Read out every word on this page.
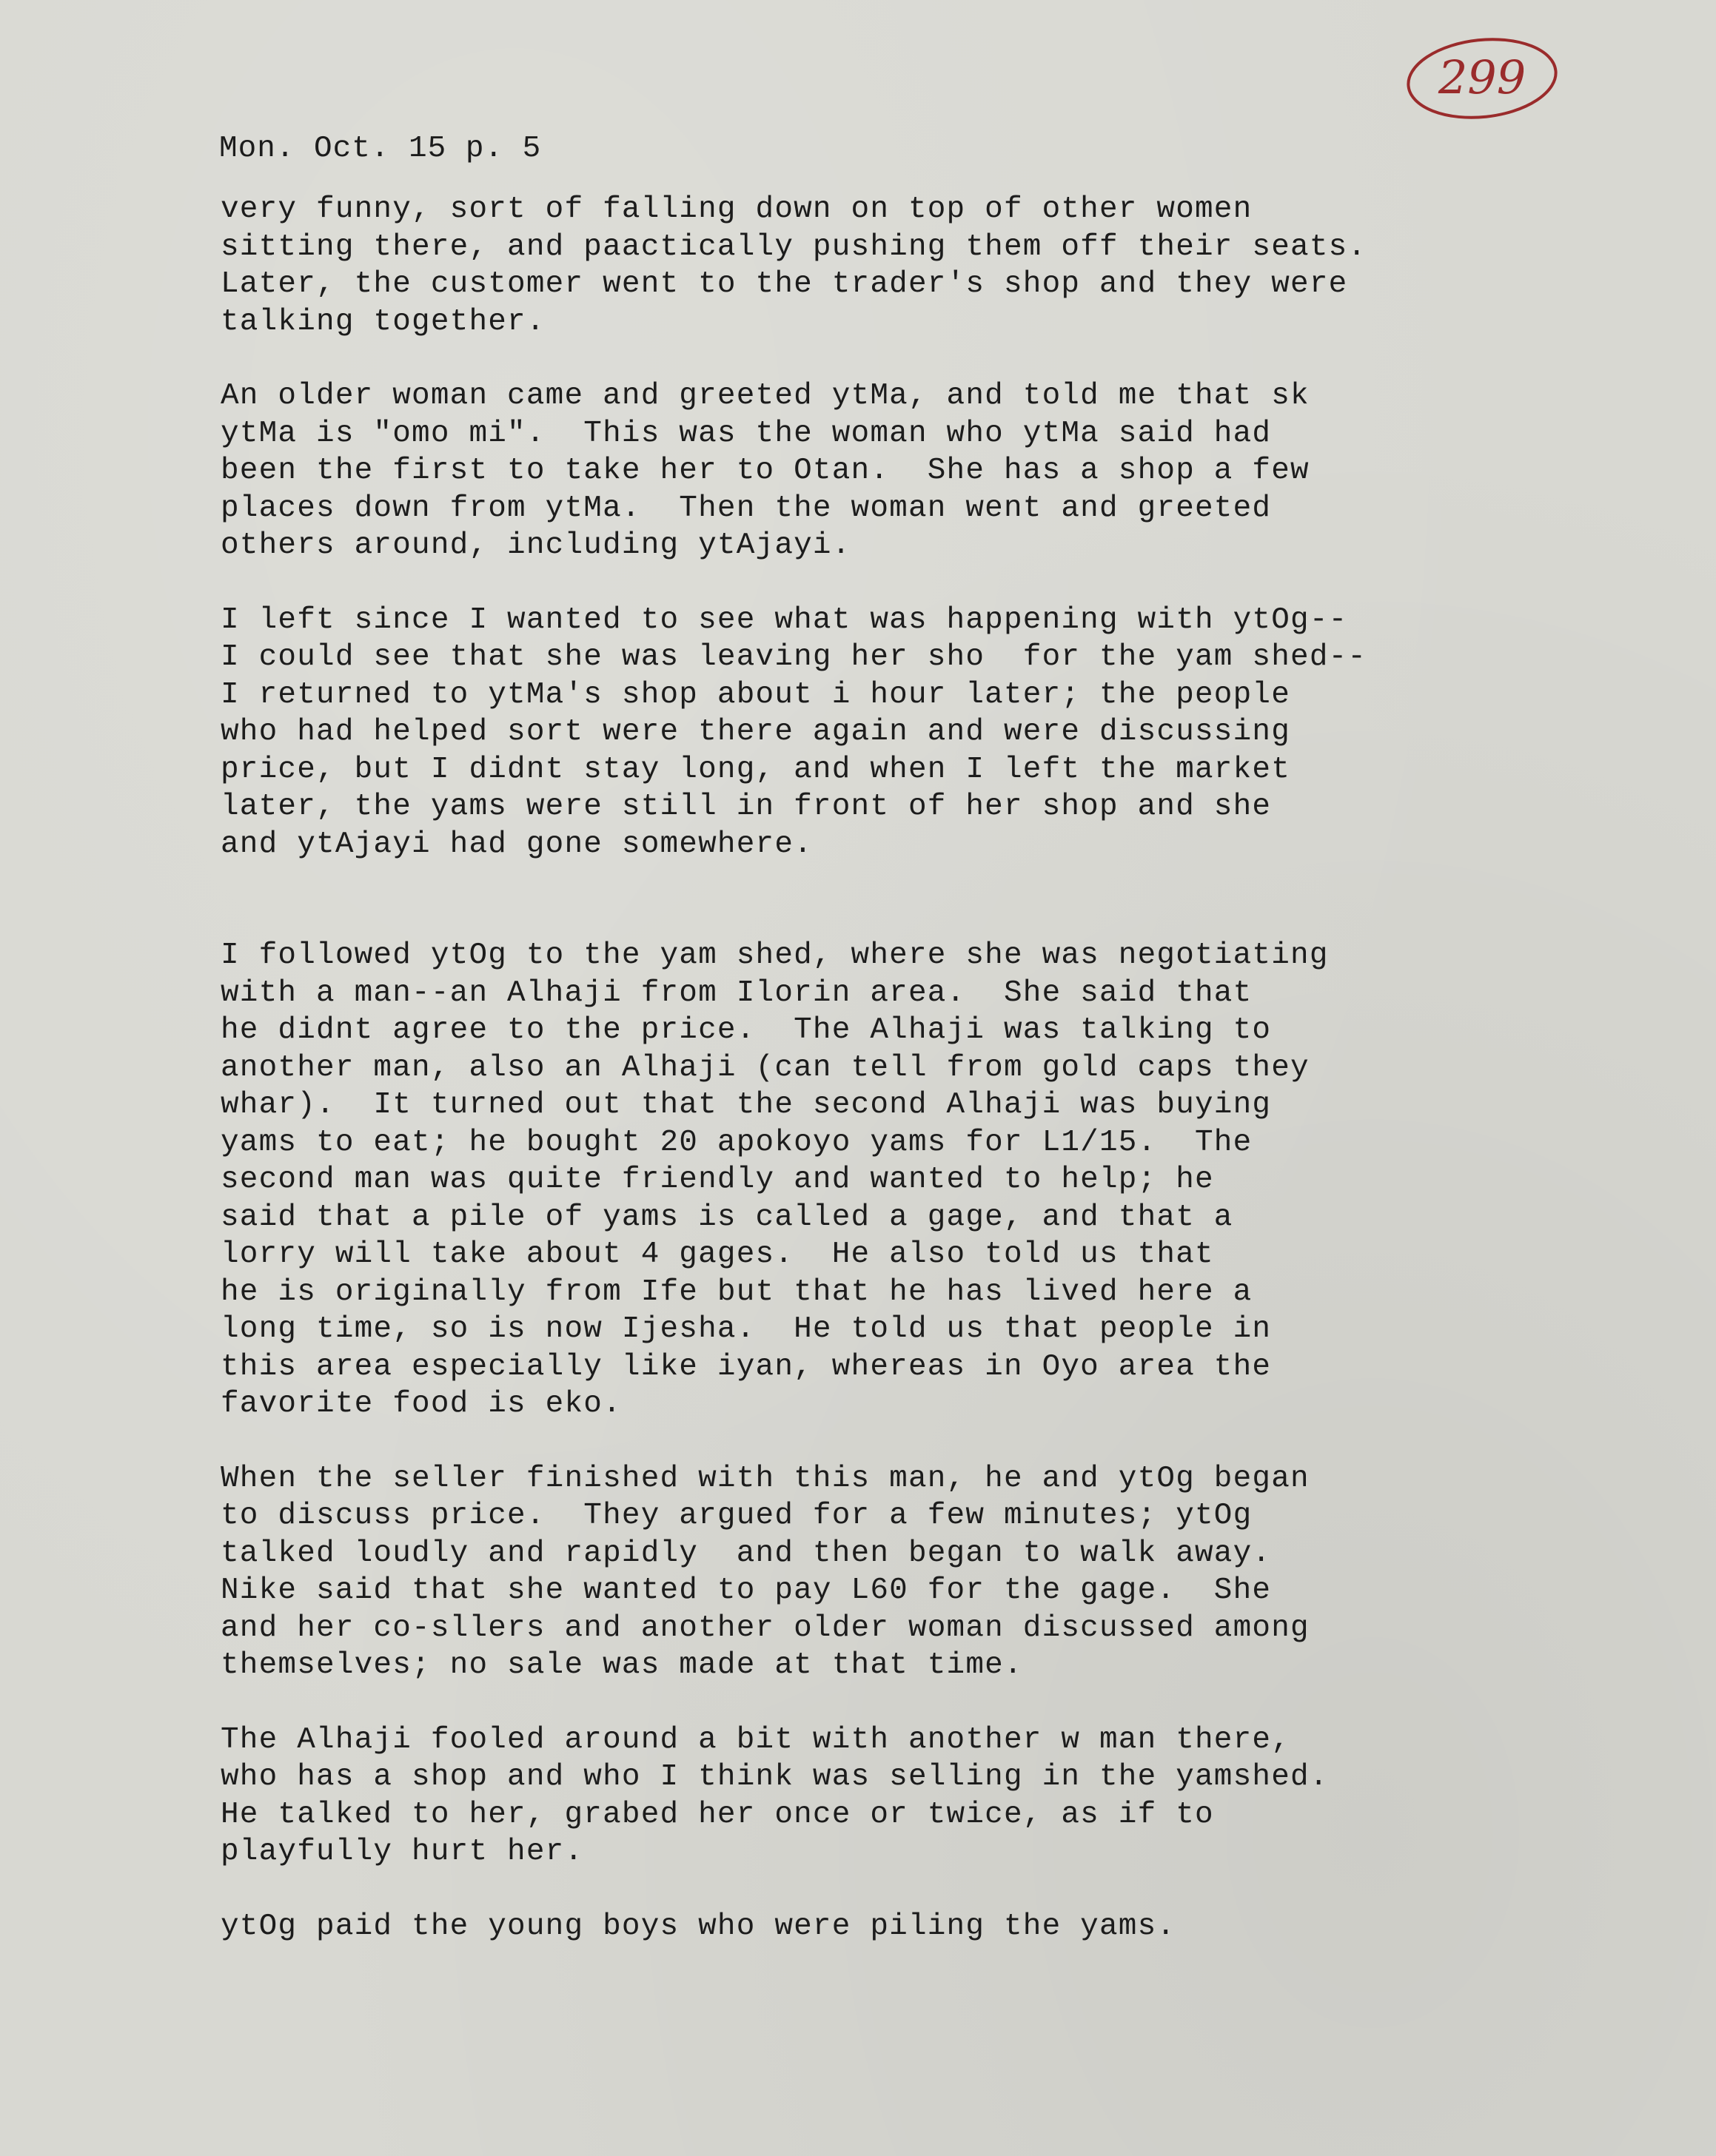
299
Mon. Oct. 15 p. 5

very funny, sort of falling down on top of other women
sitting there, and paactically pushing them off their seats.
Later, the customer went to the trader's shop and they were
talking together.

An older woman came and greeted ytMa, and told me that sk
ytMa is "omo mi".  This was the woman who ytMa said had
been the first to take her to Otan.  She has a shop a few
places down from ytMa.  Then the woman went and greeted
others around, including ytAjayi.

I left since I wanted to see what was happening with ytOg--
I could see that she was leaving her sho  for the yam shed--
I returned to ytMa's shop about i hour later; the people
who had helped sort were there again and were discussing
price, but I didnt stay long, and when I left the market
later, the yams were still in front of her shop and she
and ytAjayi had gone somewhere.

I followed ytOg to the yam shed, where she was negotiating
with a man--an Alhaji from Ilorin area.  She said that
he didnt agree to the price.  The Alhaji was talking to
another man, also an Alhaji (can tell from gold caps they
whar).  It turned out that the second Alhaji was buying
yams to eat; he bought 20 apokoyo yams for L1/15.  The
second man was quite friendly and wanted to help; he
said that a pile of yams is called a gage, and that a
lorry will take about 4 gages.  He also told us that
he is originally from Ife but that he has lived here a
long time, so is now Ijesha.  He told us that people in
this area especially like iyan, whereas in Oyo area the
favorite food is eko.

When the seller finished with this man, he and ytOg began
to discuss price.  They argued for a few minutes; ytOg
talked loudly and rapidly  and then began to walk away.
Nike said that she wanted to pay L60 for the gage.  She
and her co-sllers and another older woman discussed among
themselves; no sale was made at that time.

The Alhaji fooled around a bit with another w man there,
who has a shop and who I think was selling in the yamshed.
He talked to her, grabed her once or twice, as if to
playfully hurt her.

ytOg paid the young boys who were piling the yams.
